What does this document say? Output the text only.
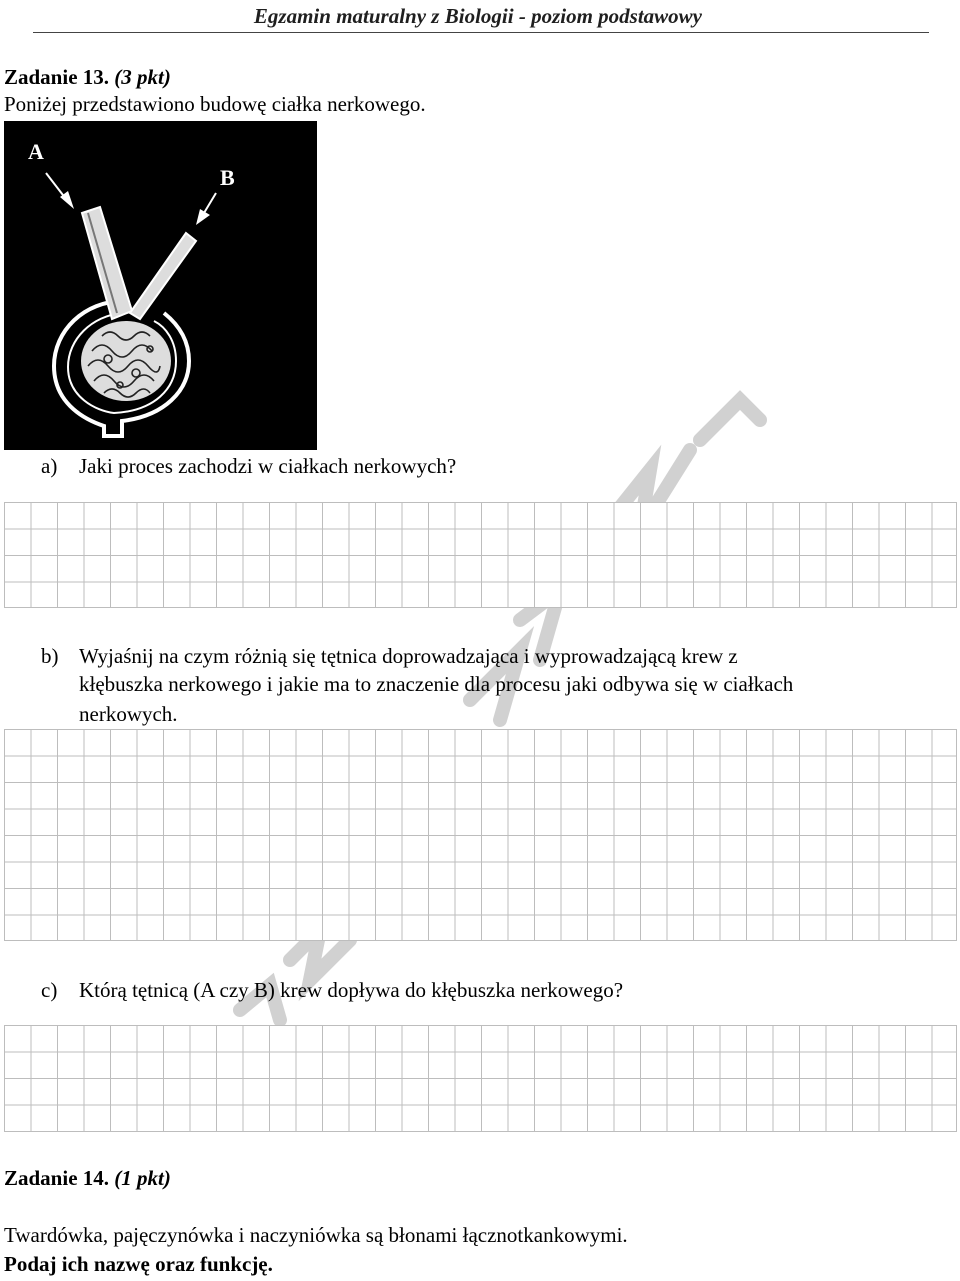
Egzamin maturalny z Biologii - poziom podstawowy
Zadanie 13. (3 pkt)
Poniżej przedstawiono budowę ciałka nerkowego.
A
B
a) Jaki proces zachodzi w ciałkach nerkowych?
b) Wyjaśnij na czym różnią się tętnica doprowadzająca i wyprowadzającą krew z
kłębuszka nerkowego i jakie ma to znaczenie dla procesu jaki odbywa się w ciałkach
nerkowych.
c) Którą tętnicą (A czy B) krew dopływa do kłębuszka nerkowego?
Zadanie 14. (1 pkt)
Twardówka, pajęczynówka i naczyniówka są błonami łącznotkankowymi.
Podaj ich nazwę oraz funkcję.
